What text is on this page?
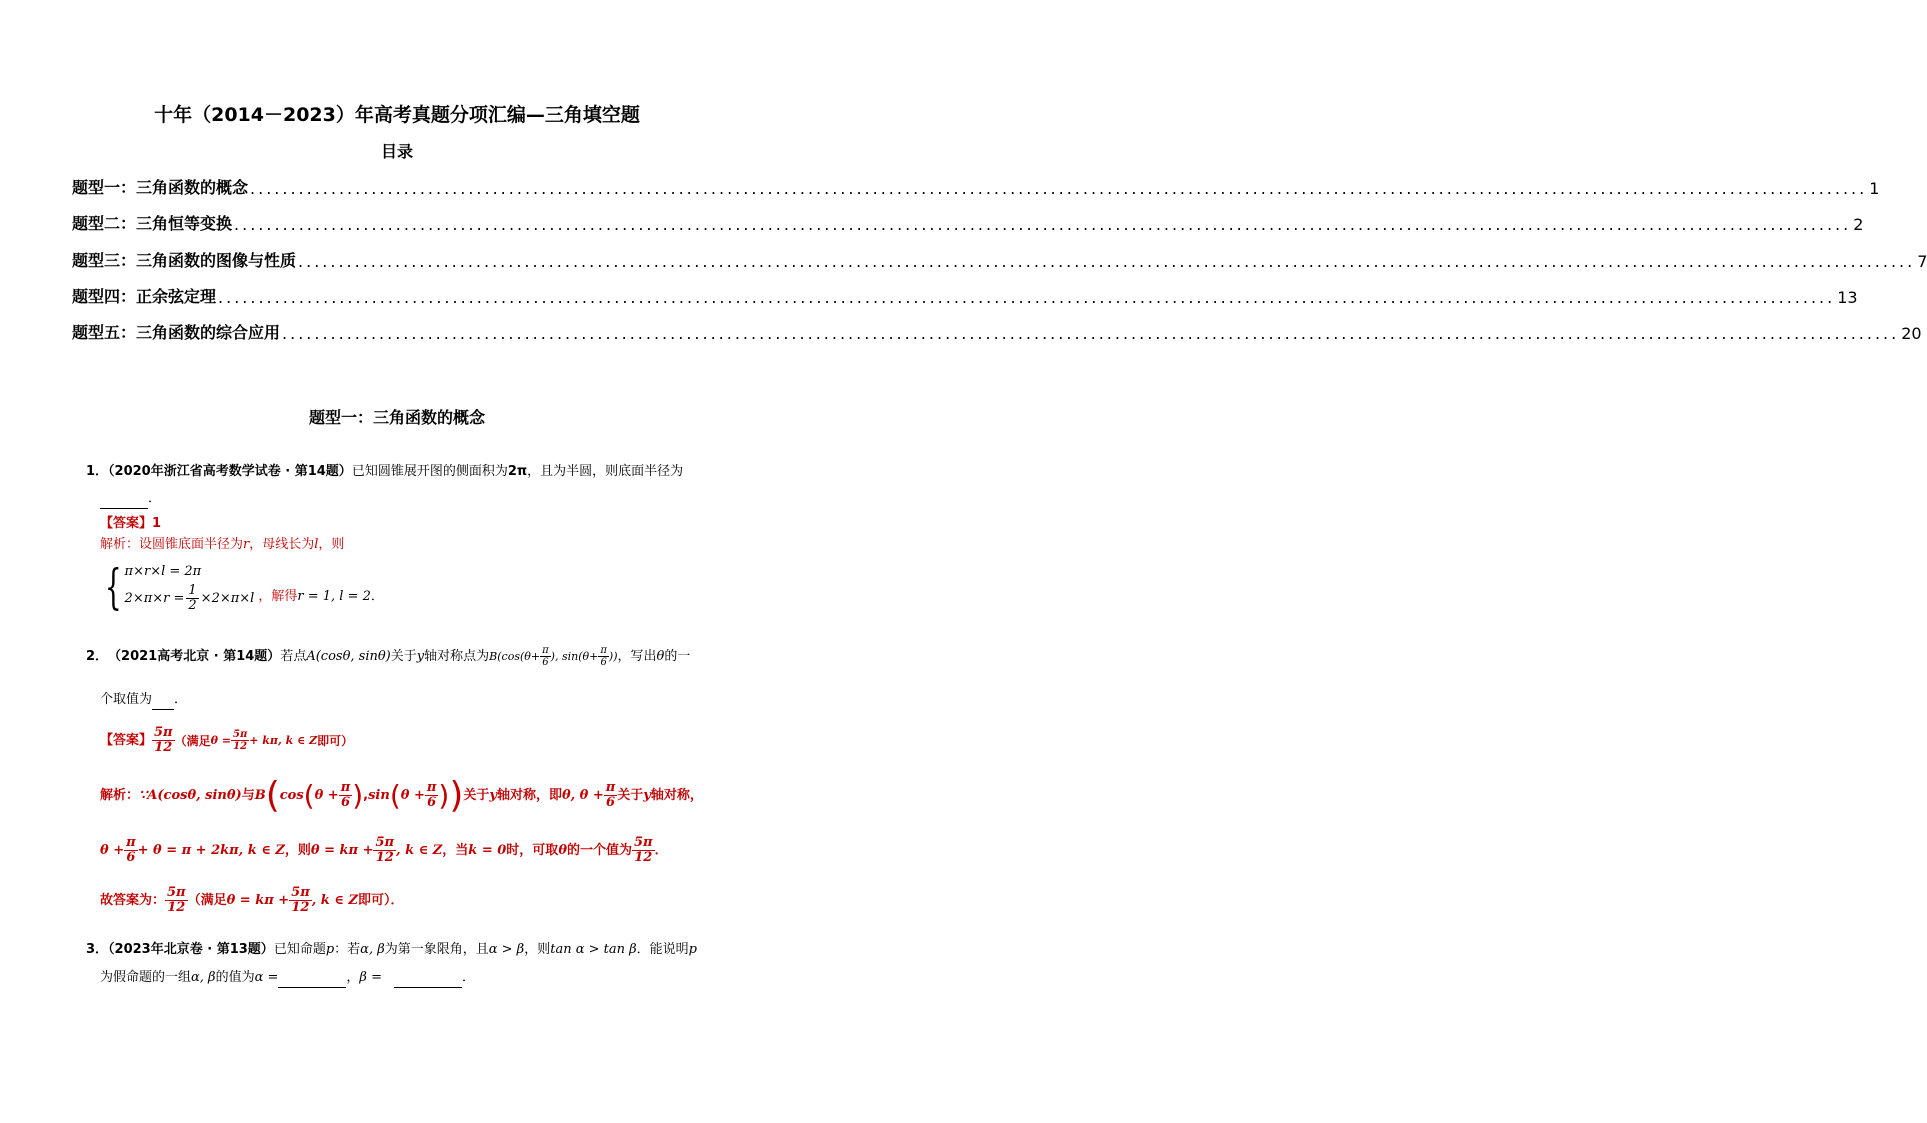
十年（2014－2023）年高考真题分项汇编—三角填空题
目录
题型一：三角函数的概念 ........................................................................................................................................................................................................ 1
题型二：三角恒等变换 ........................................................................................................................................................................................................ 2
题型三：三角函数的图像与性质 ........................................................................................................................................................................................................ 7
题型四：正余弦定理 ........................................................................................................................................................................................................ 13
题型五：三角函数的综合应用 ........................................................................................................................................................................................................ 20
题型一：三角函数的概念
1．（2020年浙江省高考数学试卷 · 第14题）已知圆锥展开图的侧面积为2π，且为半圆，则底面半径为
．
【答案】1
解析：设圆锥底面半径为r，母线长为l，则
{ π×r×l = 2π
$2\times\pi\times r = \frac{1}{2} \times 2\times\pi\times l$ ，解得 r = 1, l = 2 ．
2． （2021高考北京 · 第14题） 若点 A(cosθ, sinθ) 关于 y 轴对称点为 $B(\cos(\theta+ \frac{\pi}{6}$ ), $\sin(\theta+ \frac{\pi}{6}$ )) ，写出 θ 的一
个取值为 ．
【答案】 $\frac{5\pi}{12}$ （满足 $\theta = \frac{5\pi}{12} + k\pi$, k ∈ Z 即可）
解析： ∵ A(cosθ, sinθ) 与 B ( cos ( $\theta + \frac{\pi}{6}$ ) , sin ( $\theta + \frac{\pi}{6}$ ) ) 关于 y 轴对称，即 θ, $\theta + \frac{\pi}{6}$ 关于 y 轴对称，
$\theta + \frac{\pi}{6} + \theta = \pi + 2k\pi$, k ∈ Z ，则 $\theta = k\pi + \frac{5\pi}{12}$ , k ∈ Z ，当 k = 0 时，可取 θ 的一个值为 $\frac{5\pi}{12}$ ．
故答案为： $\frac{5\pi}{12}$ （满足 $\theta = k\pi + \frac{5\pi}{12}$ , k ∈ Z 即可）．
3．（2023年北京卷 · 第13题）已知命题p：若α, β为第一象限角，且α > β，则tan α > tan β．能说明p
为假命题的一组α, β的值为α =	，β =	．
